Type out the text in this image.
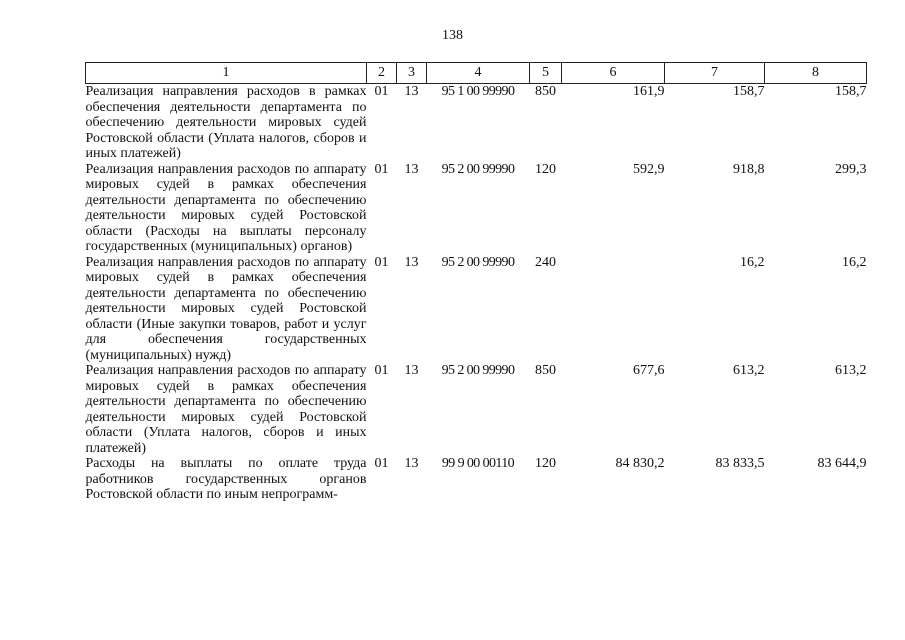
138
1	2	3	4	5	6	7	8
Реализация направления расходов в рамках обеспечения деятельности департамента по обеспечению деятельности мировых судей Ростовской области (Уплата налогов, сборов и иных платежей)	01	13	95 1 00 99990	850	161,9	158,7	158,7
Реализация направления расходов по аппарату мировых судей в рамках обеспечения деятельности департамента по обеспечению деятельности мировых судей Ростовской области (Расходы на выплаты персоналу государственных (муниципальных) органов)	01	13	95 2 00 99990	120	592,9	918,8	299,3
Реализация направления расходов по аппарату мировых судей в рамках обеспечения деятельности департамента по обеспечению деятельности мировых судей Ростовской области (Иные закупки товаров, работ и услуг для обеспечения государственных (муниципальных) нужд)	01	13	95 2 00 99990	240		16,2	16,2
Реализация направления расходов по аппарату мировых судей в рамках обеспечения деятельности департамента по обеспечению деятельности мировых судей Ростовской области (Уплата налогов, сборов и иных платежей)	01	13	95 2 00 99990	850	677,6	613,2	613,2
Расходы на выплаты по оплате труда работников государственных органов Ростовской области по иным непрограмм-	01	13	99 9 00 00110	120	84 830,2	83 833,5	83 644,9
